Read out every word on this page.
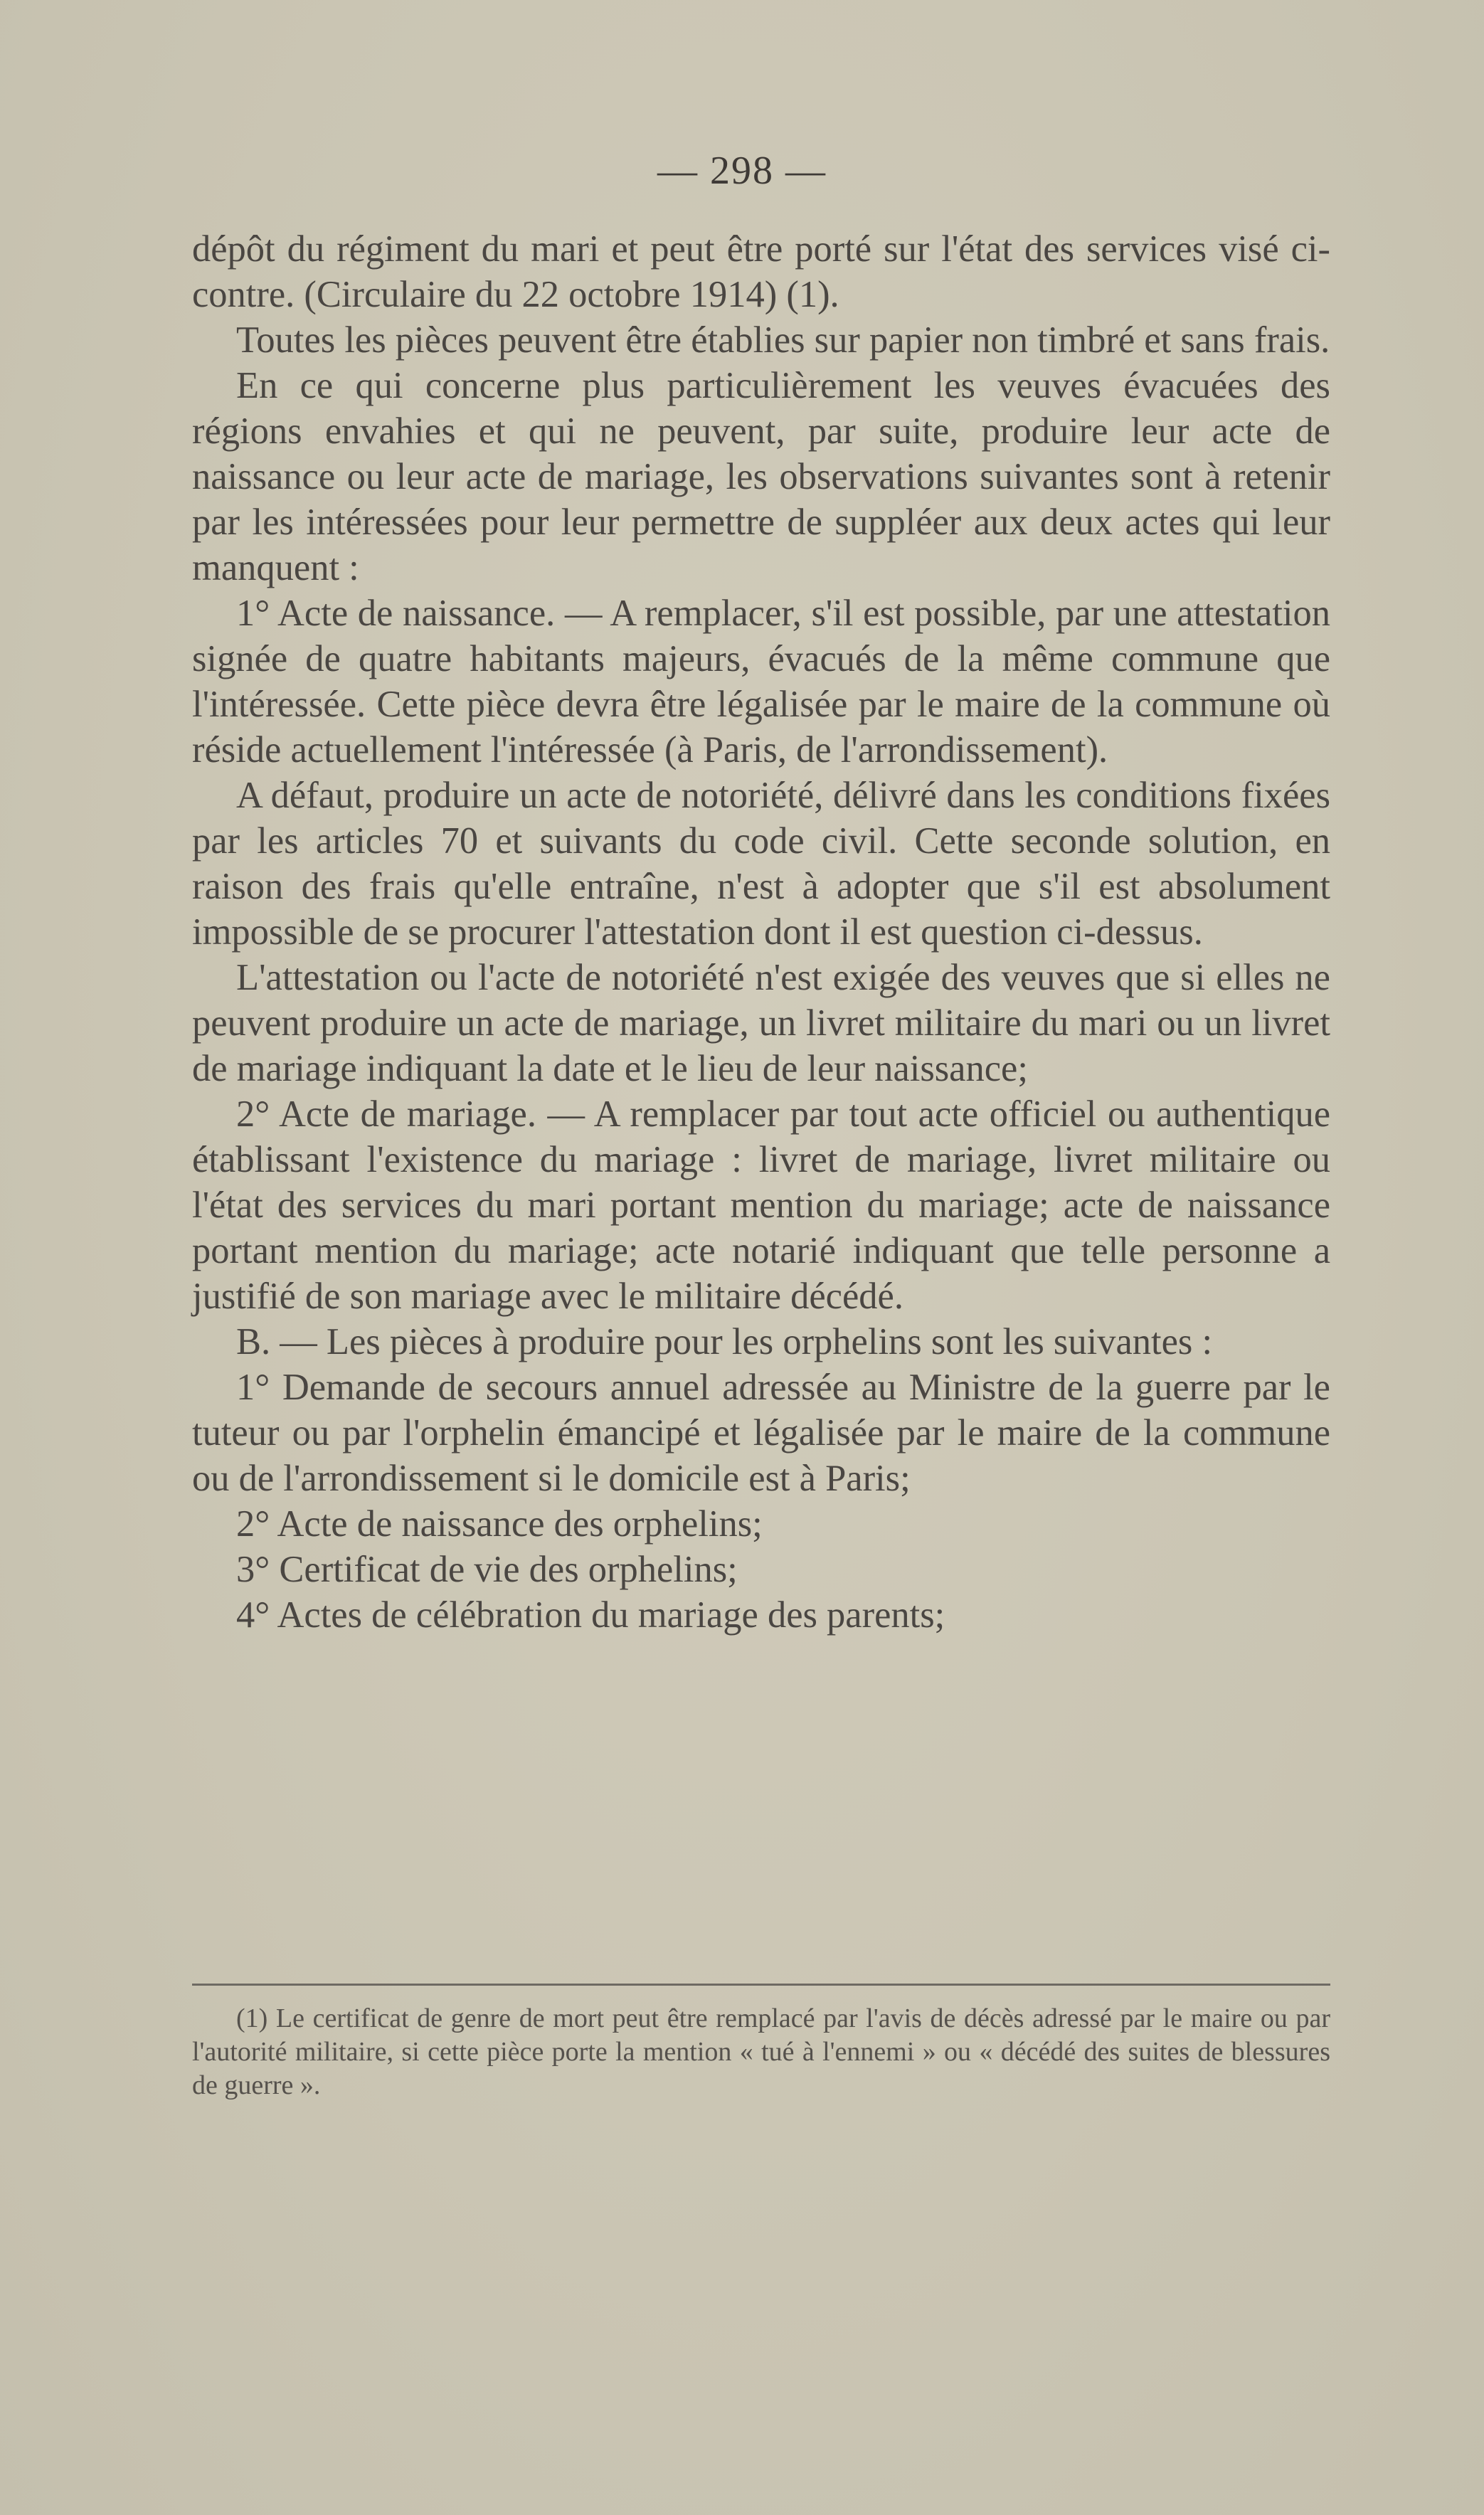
— 298 —

dépôt du régiment du mari et peut être porté sur l'état des services visé ci-contre. (Circulaire du 22 octobre 1914) (1).

Toutes les pièces peuvent être établies sur papier non timbré et sans frais.

En ce qui concerne plus particulièrement les veuves évacuées des régions envahies et qui ne peuvent, par suite, produire leur acte de naissance ou leur acte de mariage, les observations suivantes sont à retenir par les intéressées pour leur permettre de suppléer aux deux actes qui leur manquent :

1° Acte de naissance. — A remplacer, s'il est possible, par une attestation signée de quatre habitants majeurs, évacués de la même commune que l'intéressée. Cette pièce devra être légalisée par le maire de la commune où réside actuellement l'intéressée (à Paris, de l'arrondissement).

A défaut, produire un acte de notoriété, délivré dans les conditions fixées par les articles 70 et suivants du code civil. Cette seconde solution, en raison des frais qu'elle entraîne, n'est à adopter que s'il est absolument impossible de se procurer l'attestation dont il est question ci-dessus.

L'attestation ou l'acte de notoriété n'est exigée des veuves que si elles ne peuvent produire un acte de mariage, un livret militaire du mari ou un livret de mariage indiquant la date et le lieu de leur naissance;

2° Acte de mariage. — A remplacer par tout acte officiel ou authentique établissant l'existence du mariage : livret de mariage, livret militaire ou l'état des services du mari portant mention du mariage; acte de naissance portant mention du mariage; acte notarié indiquant que telle personne a justifié de son mariage avec le militaire décédé.

B. — Les pièces à produire pour les orphelins sont les suivantes :

1° Demande de secours annuel adressée au Ministre de la guerre par le tuteur ou par l'orphelin émancipé et légalisée par le maire de la commune ou de l'arrondissement si le domicile est à Paris;

2° Acte de naissance des orphelins;

3° Certificat de vie des orphelins;

4° Actes de célébration du mariage des parents;

(1) Le certificat de genre de mort peut être remplacé par l'avis de décès adressé par le maire ou par l'autorité militaire, si cette pièce porte la mention « tué à l'ennemi » ou « décédé des suites de blessures de guerre ».
